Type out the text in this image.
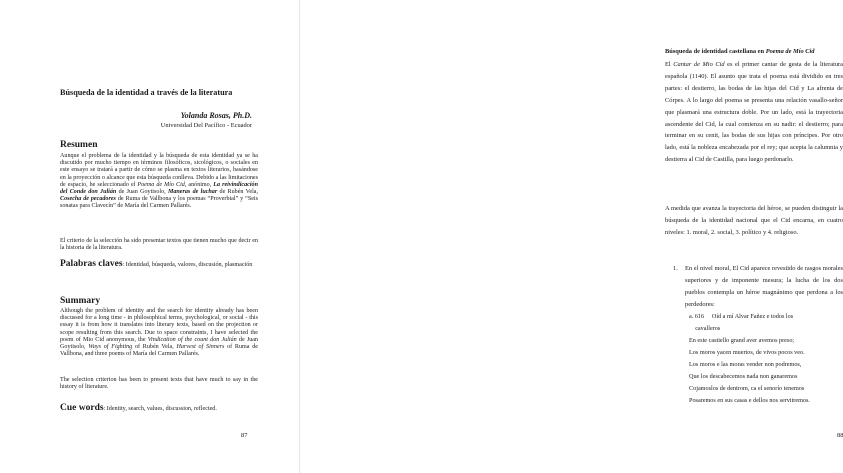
Búsqueda de la identidad a través de la literatura
Yolanda Rosas, Ph.D.
Universidad Del Pacífico - Ecuador
Resumen
Aunque el problema de la identidad y la búsqueda de esta identidad ya se ha discutido por mucho tiempo en términos filosóficos, sicológicos, o sociales en este ensayo se tratará a partir de cómo se plasma en textos literarios, basándose en la proyección o alcance que esta búsqueda conlleva. Debido a las limitaciones de espacio, he seleccionado el Poema de Mío Cid, anónimo, La reivindicación del Conde don Julián de Juan Goytisolo, Maneras de luchar de Rubén Vela, Cosecha de pecadores de Ruma de Vallbona y los poemas “Proverbial” y “Seis sonatas para Clavecín” de María del Carmen Pallarés.
El criterio de la selección ha sido presentar textos que tienen mucho que decir en la historia de la literatura.
Palabras claves: Identidad, búsqueda, valores, discusión, plasmación
Summary
Although the problem of identity and the search for identity already has been discussed for a long time - in philosophical terms, psychological, or social - this essay it is from how it translates into literary texts, based on the projection or scope resulting from this search. Due to space constraints, I have selected the poem of Mio Cid anonymous, the Vindication of the count don Julián de Juan Goytisolo, Ways of Fighting of Rubén Vela, Harvest of Sinners of Ruma de Vallbona, and three poems of María del Carmen Pallarés.
The selection criterion has been to present texts that have much to say in the history of literature.
Cue words: Identity, search, values, discussion, reflected.
87
Búsqueda de identidad castellana en Poema de Mío Cid
El Cantar de Mio Cid es el primer cantar de gesta de la literatura española (1140). El asunto que trata el poema está dividido en tres partes: el destierro, las bodas de las hijas del Cid y La afrenta de Córpes. A lo largo del poema se presenta una relación vasallo-señor que plasmará una estructura doble. Por un lado, está la trayectoria ascendente del Cid, la cual comienza en su nadir: el destierro; para terminar en su cenit, las bodas de sus hijas con príncipes. Por otro lado, está la nobleza encabezada por el rey; que acepta la calumnia y destierra al Cid de Castilla, para luego perdonarlo.
A medida que avanza la trayectoria del héroe, se pueden distinguir la búsqueda de la identidad nacional que el Cid encarna, en cuatro niveles: 1. moral, 2. social, 3. político y 4. religioso.
1.	En el nivel moral, El Cid aparece revestido de rasgos morales superiores y de imponente mesura; la lucha de los dos pueblos contempla un héroe magnánimo que perdona a los perdedores:
a. 616     Oíd a mí Alvar Fañez e todos los
cavalleros
En este castiello grand aver avemos preso;
Los moros yacen muertos, de vivos pocos veo.
Los moros e las moras vender non podremos,
Que los descabecemos nada non ganaremos
Cojamoslos de dentrom, ca el senorío tenemos
Posaremos en sus casas e dellos nos servitremos.
88
